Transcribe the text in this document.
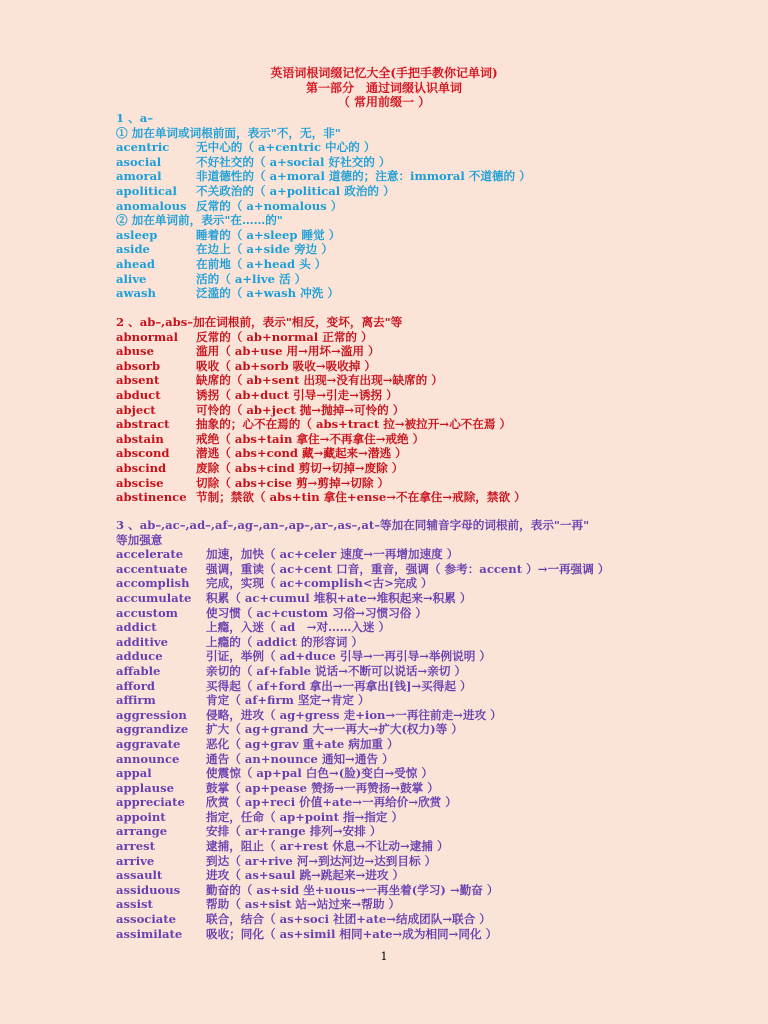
英语词根词缀记忆大全(手把手教你记单词)
第一部分　通过词缀认识单词
（ 常用前缀一 ）
1 、a–
① 加在单词或词根前面，表示"不，无，非"
acentric 无中心的（ a+centric 中心的 ）
asocial	不好社交的（ a+social 好社交的 ）
amoral	非道德性的（ a+moral 道德的；注意：immoral 不道德的 ）
apolitical 不关政治的（ a+political 政治的 ）
anomalous 反常的（ a+nomalous ）
② 加在单词前，表示"在……的"
asleep	睡着的（ a+sleep 睡觉 ）
aside	在边上（ a+side 旁边 ）
ahead	在前地（ a+head 头 ）
alive	活的（ a+live 活 ）
awash	泛滥的（ a+wash 冲洗 ）
2 、ab–,abs–加在词根前，表示"相反，变坏，离去"等
abnormal 反常的（ ab+normal 正常的 ）
abuse	滥用（ ab+use 用→用坏→滥用 ）
absorb	吸收（ ab+sorb 吸收→吸收掉 ）
absent	缺席的（ ab+sent 出现→没有出现→缺席的 ）
abduct	诱拐（ ab+duct 引导→引走→诱拐 ）
abject	可怜的（ ab+ject 抛→抛掉→可怜的 ）
abstract 抽象的；心不在焉的（ abs+tract 拉→被拉开→心不在焉 ）
abstain	戒绝（ abs+tain 拿住→不再拿住→戒绝 ）
abscond 潜逃（ abs+cond 藏→藏起来→潜逃 ）
abscind	废除（ abs+cind 剪切→切掉→废除 ）
abscise	切除（ abs+cise 剪→剪掉→切除 ）
abstinence 节制；禁欲（ abs+tin 拿住+ense→不在拿住→戒除，禁欲 ）
3 、ab–,ac–,ad–,af–,ag–,an–,ap–,ar–,as–,at–等加在同辅音字母的词根前，表示"一再"
等加强意
accelerate 加速，加快（ ac+celer 速度→一再增加速度 ）
accentuate 强调，重读（ ac+cent 口音，重音，强调（ 参考：accent ）→一再强调 ）
accomplish 完成，实现（ ac+complish<古>完成 ）
accumulate 积累（ ac+cumul 堆积+ate→堆积起来→积累 ）
accustom 使习惯（ ac+custom 习俗→习惯习俗 ）
addict	上瘾，入迷（ ad　→对……入迷 ）
additive	上瘾的（ addict 的形容词 ）
adduce	引证，举例（ ad+duce 引导→一再引导→举例说明 ）
affable	亲切的（ af+fable 说话→不断可以说话→亲切 ）
afford	买得起（ af+ford 拿出→一再拿出[钱]→买得起 ）
affirm	肯定（ af+firm 坚定→肯定 ）
aggression 侵略，进攻（ ag+gress 走+ion→一再往前走→进攻 ）
aggrandize 扩大（ ag+grand 大→一再大→扩大(权力)等 ）
aggravate 恶化（ ag+grav 重+ate 病加重 ）
announce 通告（ an+nounce 通知→通告 ）
appal	使震惊（ ap+pal 白色→(脸)变白→受惊 ）
applause	鼓掌（ ap+pease 赞扬→一再赞扬→鼓掌 ）
appreciate 欣赏（ ap+reci 价值+ate→一再给价→欣赏 ）
appoint	指定，任命（ ap+point 指→指定 ）
arrange	安排（ ar+range 排列→安排 ）
arrest	逮捕，阻止（ ar+rest 休息→不让动→逮捕 ）
arrive	到达（ ar+rive 河→到达河边→达到目标 ）
assault	进攻（ as+saul 跳→跳起来→进攻 ）
assiduous 勤奋的（ as+sid 坐+uous→一再坐着(学习) →勤奋 ）
assist	帮助（ as+sist 站→站过来→帮助 ）
associate	联合，结合（ as+soci 社团+ate→结成团队→联合 ）
assimilate 吸收；同化（ as+simil 相同+ate→成为相同→同化 ）
1
